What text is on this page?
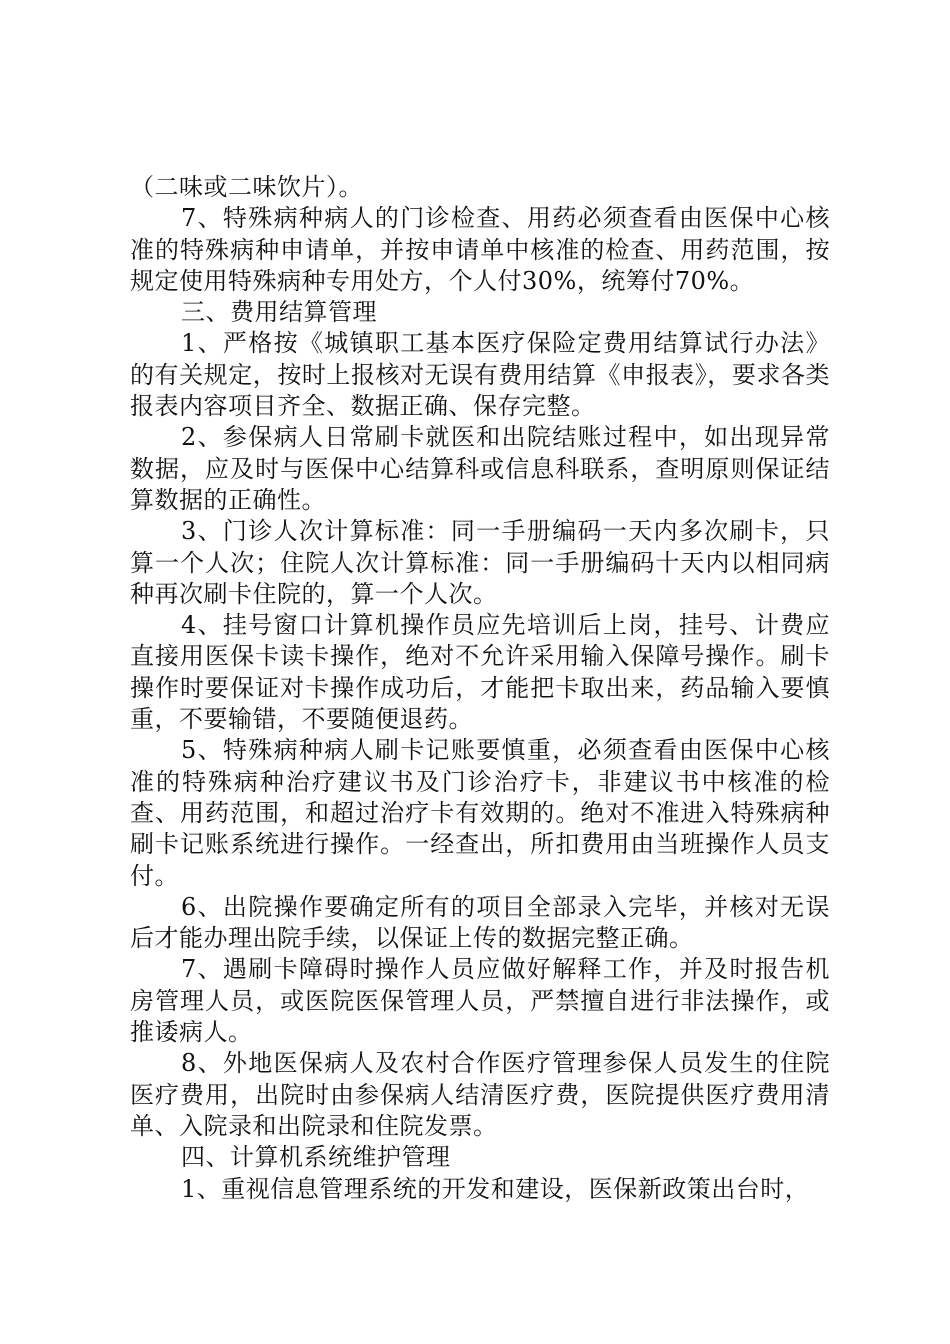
（二味或二味饮片）。

7、特殊病种病人的门诊检查、用药必须查看由医保中心核准的特殊病种申请单，并按申请单中核准的检查、用药范围，按规定使用特殊病种专用处方，个人付30%，统筹付70%。

三、费用结算管理

1、严格按《城镇职工基本医疗保险定费用结算试行办法》的有关规定，按时上报核对无误有费用结算《申报表》，要求各类报表内容项目齐全、数据正确、保存完整。

2、参保病人日常刷卡就医和出院结账过程中，如出现异常数据，应及时与医保中心结算科或信息科联系，查明原则保证结算数据的正确性。

3、门诊人次计算标准：同一手册编码一天内多次刷卡，只算一个人次；住院人次计算标准：同一手册编码十天内以相同病种再次刷卡住院的，算一个人次。

4、挂号窗口计算机操作员应先培训后上岗，挂号、计费应直接用医保卡读卡操作，绝对不允许采用输入保障号操作。刷卡操作时要保证对卡操作成功后，才能把卡取出来，药品输入要慎重，不要输错，不要随便退药。

5、特殊病种病人刷卡记账要慎重，必须查看由医保中心核准的特殊病种治疗建议书及门诊治疗卡，非建议书中核准的检查、用药范围，和超过治疗卡有效期的。绝对不准进入特殊病种刷卡记账系统进行操作。一经查出，所扣费用由当班操作人员支付。

6、出院操作要确定所有的项目全部录入完毕，并核对无误后才能办理出院手续，以保证上传的数据完整正确。

7、遇刷卡障碍时操作人员应做好解释工作，并及时报告机房管理人员，或医院医保管理人员，严禁擅自进行非法操作，或推诿病人。

8、外地医保病人及农村合作医疗管理参保人员发生的住院医疗费用，出院时由参保病人结清医疗费，医院提供医疗费用清单、入院录和出院录和住院发票。

四、计算机系统维护管理

1、重视信息管理系统的开发和建设，医保新政策出台时，
